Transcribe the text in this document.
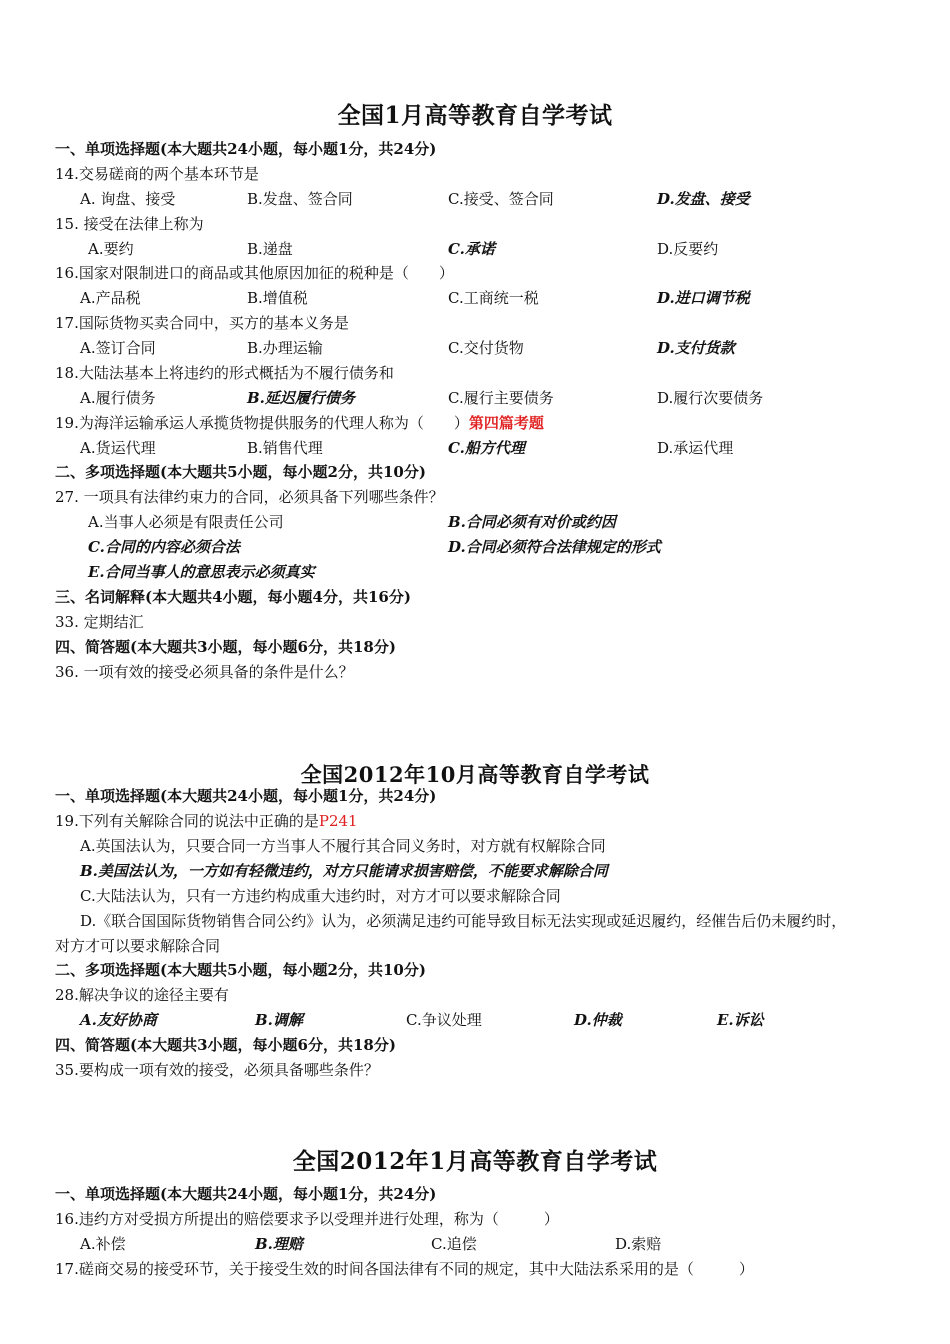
全国1月高等教育自学考试
一、单项选择题(本大题共24小题，每小题1分，共24分)
14.交易磋商的两个基本环节是
A. 询盘、接受	B.发盘、签合同	C.接受、签合同	D.发盘、接受
15. 接受在法律上称为
A.要约	B.递盘	C.承诺	D.反要约
16.国家对限制进口的商品或其他原因加征的税种是（　　）
A.产品税	B.增值税	C.工商统一税	D.进口调节税
17.国际货物买卖合同中，买方的基本义务是
A.签订合同	B.办理运输	C.交付货物	D.支付货款
18.大陆法基本上将违约的形式概括为不履行债务和
A.履行债务	B.延迟履行债务	C.履行主要债务	D.履行次要债务
19.为海洋运输承运人承揽货物提供服务的代理人称为（　　）第四篇考题
A.货运代理	B.销售代理	C.船方代理	D.承运代理
二、多项选择题(本大题共5小题，每小题2分，共10分)
27. 一项具有法律约束力的合同，必须具备下列哪些条件？
A.当事人必须是有限责任公司	B.合同必须有对价或约因
C.合同的内容必须合法	D.合同必须符合法律规定的形式
E.合同当事人的意思表示必须真实
三、名词解释(本大题共4小题，每小题4分，共16分)
33. 定期结汇
四、简答题(本大题共3小题，每小题6分，共18分)
36. 一项有效的接受必须具备的条件是什么？
全国2012年10月高等教育自学考试
一、单项选择题(本大题共24小题，每小题1分，共24分)
19.下列有关解除合同的说法中正确的是P241
A.英国法认为，只要合同一方当事人不履行其合同义务时，对方就有权解除合同
B.美国法认为，一方如有轻微违约，对方只能请求损害赔偿，不能要求解除合同
C.大陆法认为，只有一方违约构成重大违约时，对方才可以要求解除合同
D.《联合国国际货物销售合同公约》认为，必须满足违约可能导致目标无法实现或延迟履约，经催告后仍未履约时，
对方才可以要求解除合同
二、多项选择题(本大题共5小题，每小题2分，共10分)
28.解决争议的途径主要有
A.友好协商	B.调解	C.争议处理	D.仲裁	E.诉讼
四、简答题(本大题共3小题，每小题6分，共18分)
35.要构成一项有效的接受，必须具备哪些条件？
全国2012年1月高等教育自学考试
一、单项选择题(本大题共24小题，每小题1分，共24分)
16.违约方对受损方所提出的赔偿要求予以受理并进行处理，称为（　　　）
A.补偿	B.理赔	C.追偿	D.索赔
17.磋商交易的接受环节，关于接受生效的时间各国法律有不同的规定，其中大陆法系采用的是（　　　）
